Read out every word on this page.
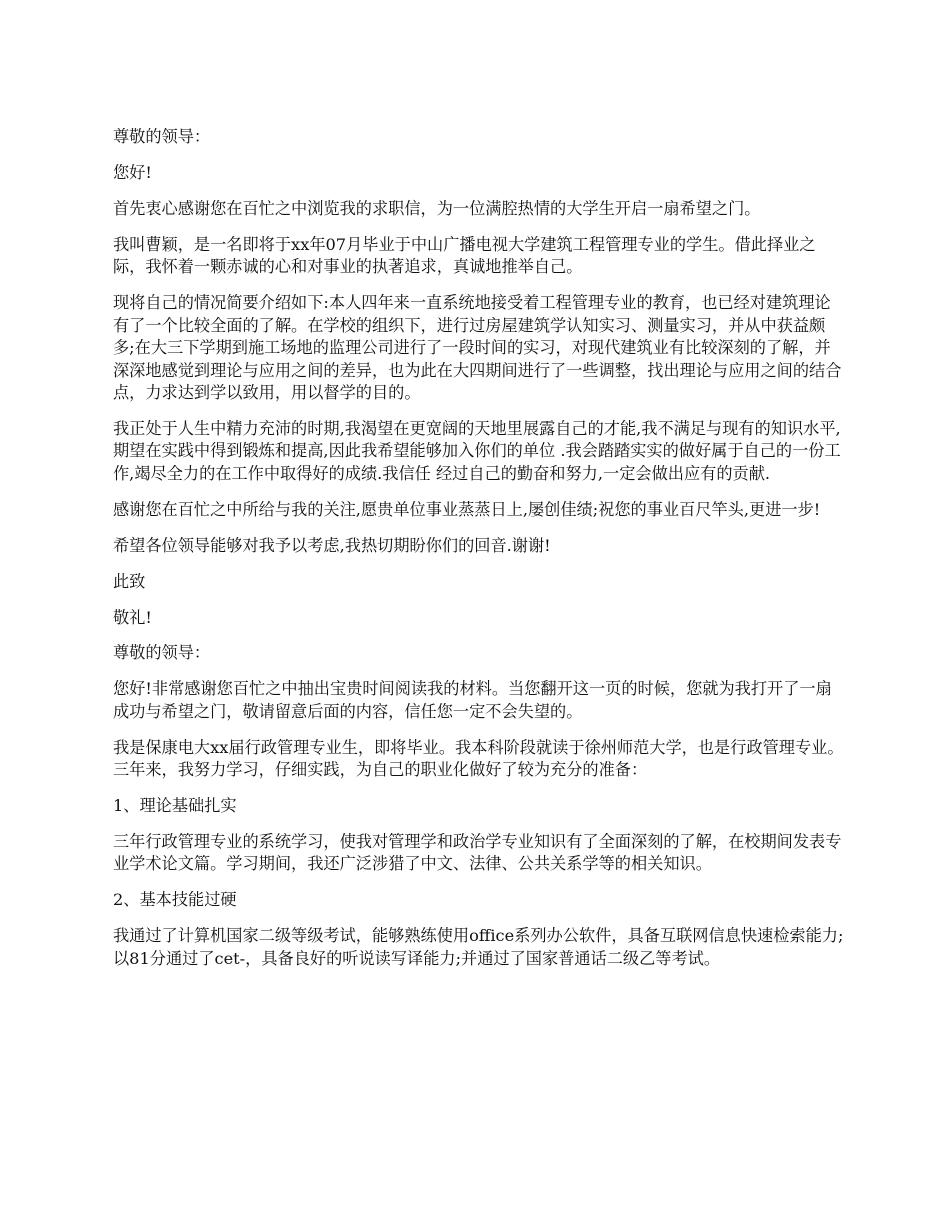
尊敬的领导：

您好!

首先衷心感谢您在百忙之中浏览我的求职信，为一位满腔热情的大学生开启一扇希望之门。

我叫曹颖，是一名即将于xx年07月毕业于中山广播电视大学建筑工程管理专业的学生。借此择业之际，我怀着一颗赤诚的心和对事业的执著追求，真诚地推举自己。

现将自己的情况简要介绍如下:本人四年来一直系统地接受着工程管理专业的教育，也已经对建筑理论有了一个比较全面的了解。在学校的组织下，进行过房屋建筑学认知实习、测量实习，并从中获益颇多;在大三下学期到施工场地的监理公司进行了一段时间的实习，对现代建筑业有比较深刻的了解，并深深地感觉到理论与应用之间的差异，也为此在大四期间进行了一些调整，找出理论与应用之间的结合点，力求达到学以致用，用以督学的目的。

我正处于人生中精力充沛的时期,我渴望在更宽阔的天地里展露自己的才能,我不满足与现有的知识水平,期望在实践中得到锻炼和提高,因此我希望能够加入你们的单位 .我会踏踏实实的做好属于自己的一份工作,竭尽全力的在工作中取得好的成绩.我信任 经过自己的勤奋和努力,一定会做出应有的贡献.

感谢您在百忙之中所给与我的关注,愿贵单位事业蒸蒸日上,屡创佳绩;祝您的事业百尺竿头,更进一步!

希望各位领导能够对我予以考虑,我热切期盼你们的回音.谢谢!

此致

敬礼!

尊敬的领导：

您好!非常感谢您百忙之中抽出宝贵时间阅读我的材料。当您翻开这一页的时候，您就为我打开了一扇成功与希望之门，敬请留意后面的内容，信任您一定不会失望的。

我是保康电大xx届行政管理专业生，即将毕业。我本科阶段就读于徐州师范大学，也是行政管理专业。三年来，我努力学习，仔细实践，为自己的职业化做好了较为充分的准备：

1、理论基础扎实

三年行政管理专业的系统学习，使我对管理学和政治学专业知识有了全面深刻的了解，在校期间发表专业学术论文篇。学习期间，我还广泛涉猎了中文、法律、公共关系学等的相关知识。

2、基本技能过硬

我通过了计算机国家二级等级考试，能够熟练使用office系列办公软件，具备互联网信息快速检索能力;以81分通过了cet-，具备良好的听说读写译能力;并通过了国家普通话二级乙等考试。
